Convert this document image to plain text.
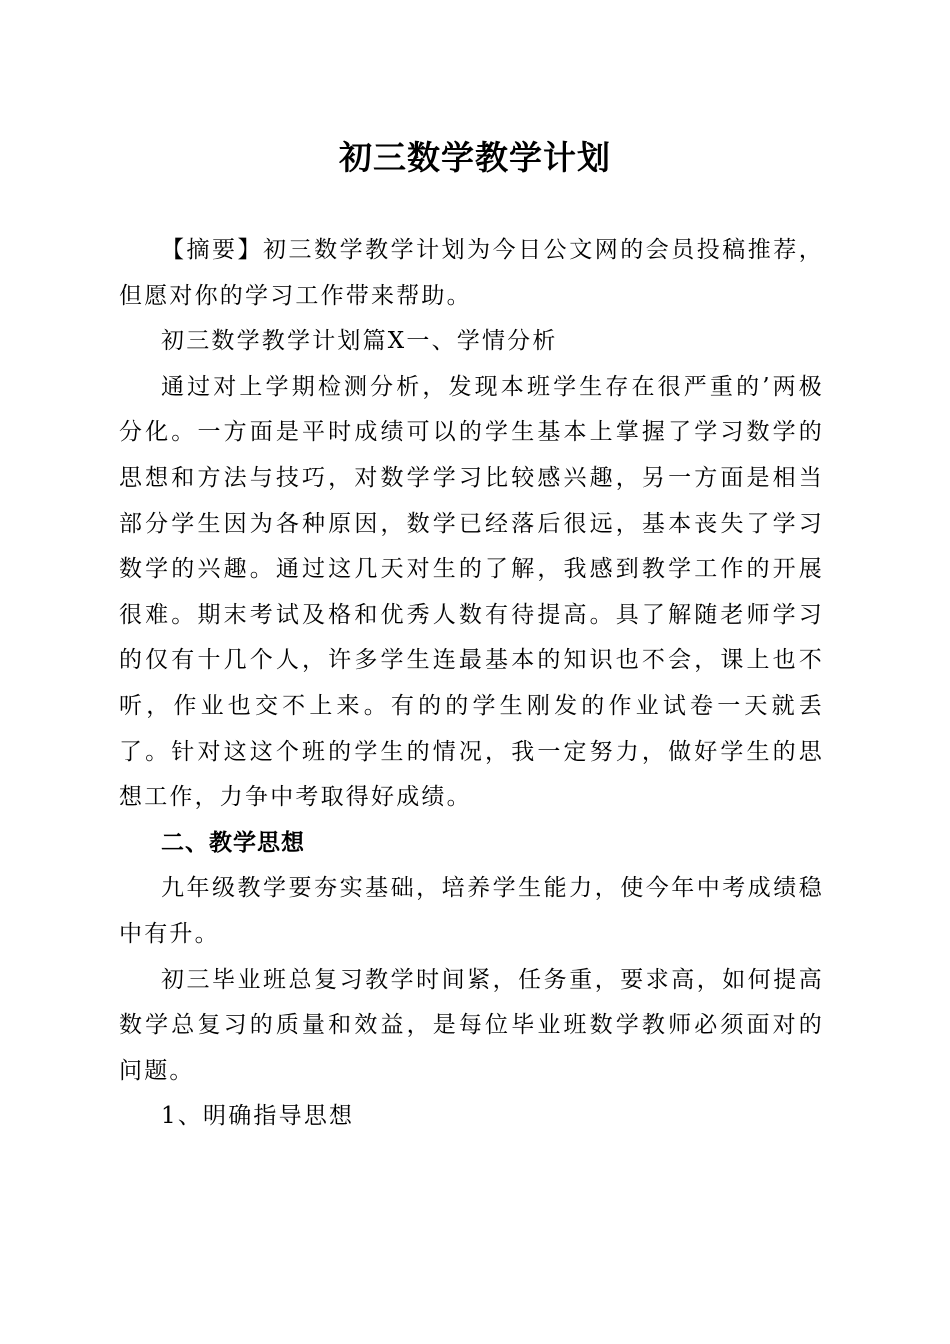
初三数学教学计划

【摘要】初三数学教学计划为今日公文网的会员投稿推荐，但愿对你的学习工作带来帮助。

初三数学教学计划篇X一、学情分析

通过对上学期检测分析，发现本班学生存在很严重的’两极分化。一方面是平时成绩可以的学生基本上掌握了学习数学的思想和方法与技巧，对数学学习比较感兴趣，另一方面是相当部分学生因为各种原因，数学已经落后很远，基本丧失了学习数学的兴趣。通过这几天对生的了解，我感到教学工作的开展很难。期末考试及格和优秀人数有待提高。具了解随老师学习的仅有十几个人，许多学生连最基本的知识也不会，课上也不听，作业也交不上来。有的的学生刚发的作业试卷一天就丢了。针对这这个班的学生的情况，我一定努力，做好学生的思想工作，力争中考取得好成绩。

二、教学思想

九年级教学要夯实基础，培养学生能力，使今年中考成绩稳中有升。

初三毕业班总复习教学时间紧，任务重，要求高，如何提高数学总复习的质量和效益，是每位毕业班数学教师必须面对的问题。

1、明确指导思想
